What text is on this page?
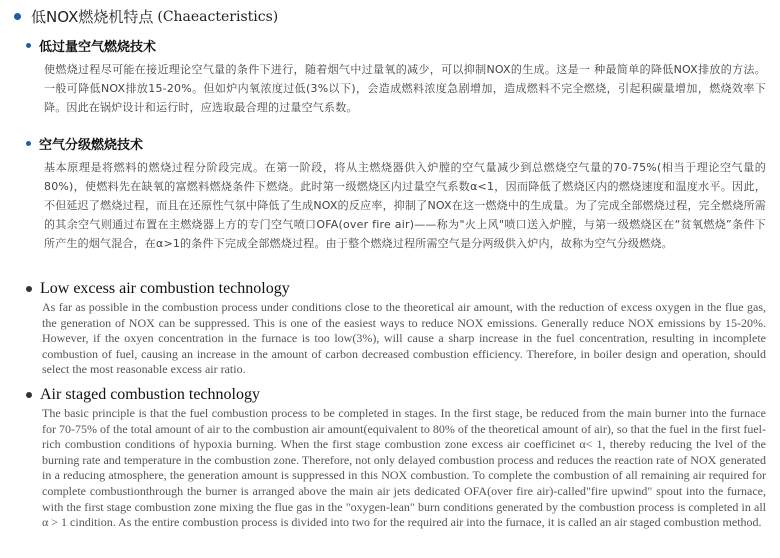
低NOX燃烧机特点 (Chaeacteristics)
低过量空气燃烧技术
使燃烧过程尽可能在接近理论空气量的条件下进行，随着烟气中过量氧的减少，可以抑制NOX的生成。这是一 种最简单的降低NOX排放的方法。一般可降低NOX排放15-20%。但如炉内氧浓度过低(3%以下)，会造成燃料浓度急剧增加，造成燃料不完全燃烧，引起积碳量增加，燃烧效率下降。因此在锅炉设计和运行时，应选取最合理的过量空气系数。
空气分级燃烧技术
基本原理是将燃料的燃烧过程分阶段完成。在第一阶段，将从主燃烧器供入炉膛的空气量减少到总燃烧空气量的70-75%(相当于理论空气量的80%)，使燃料先在缺氧的富燃料燃烧条件下燃烧。此时第一级燃烧区内过量空气系数α<1，因而降低了燃烧区内的燃烧速度和温度水平。因此，不但延迟了燃烧过程，而且在还原性气氛中降低了生成NOX的反应率，抑制了NOX在这一燃烧中的生成量。为了完成全部燃烧过程，完全燃烧所需的其余空气则通过布置在主燃烧器上方的专门空气喷口OFA(over fire air)——称为"火上风"喷口送入炉膛，与第一级燃烧区在“贫氧燃烧”条件下所产生的烟气混合，在α>1的条件下完成全部燃烧过程。由于整个燃烧过程所需空气是分两级供入炉内，故称为空气分级燃烧。
Low excess air combustion technology
As far as possible in the combustion process under conditions close to the theoretical air amount, with the reduction of excess oxygen in the flue gas, the generation of NOX can be suppressed. This is one of the easiest ways to reduce NOX emissions. Generally reduce NOX emissions by 15-20%. However, if the oxyen concentration in the furnace is too low(3%), will cause a sharp increase in the fuel concentration, resulting in incomplete combustion of fuel, causing an increase in the amount of carbon decreased combustion efficiency. Therefore, in boiler design and operation, should select the most reasonable excess air ratio.
Air staged combustion technology
The basic principle is that the fuel combustion process to be completed in stages. In the first stage, be reduced from the main burner into the furnace for 70-75% of the total amount of air to the combustion air amount(equivalent to 80% of the theoretical amount of air), so that the fuel in the first fuel-rich combustion conditions of hypoxia burning. When the first stage combustion zone excess air coefficinet α< 1, thereby reducing the lvel of the burning rate and temperature in the combustion zone. Therefore, not only delayed combustion process and reduces the reaction rate of NOX generated in a reducing atmosphere, the generation amount is suppressed in this NOX combustion. To complete the combustion of all remaining air required for complete combustionthrough the burner is arranged above the main air jets dedicated OFA(over fire air)-called"fire upwind" spout into the furnace, with the first stage combustion zone mixing the flue gas in the "oxygen-lean" burn conditions generated by the combustion process is completed in all α > 1 cindition. As the entire combustion process is divided into two for the required air into the furnace, it is called an air staged combustion method.
